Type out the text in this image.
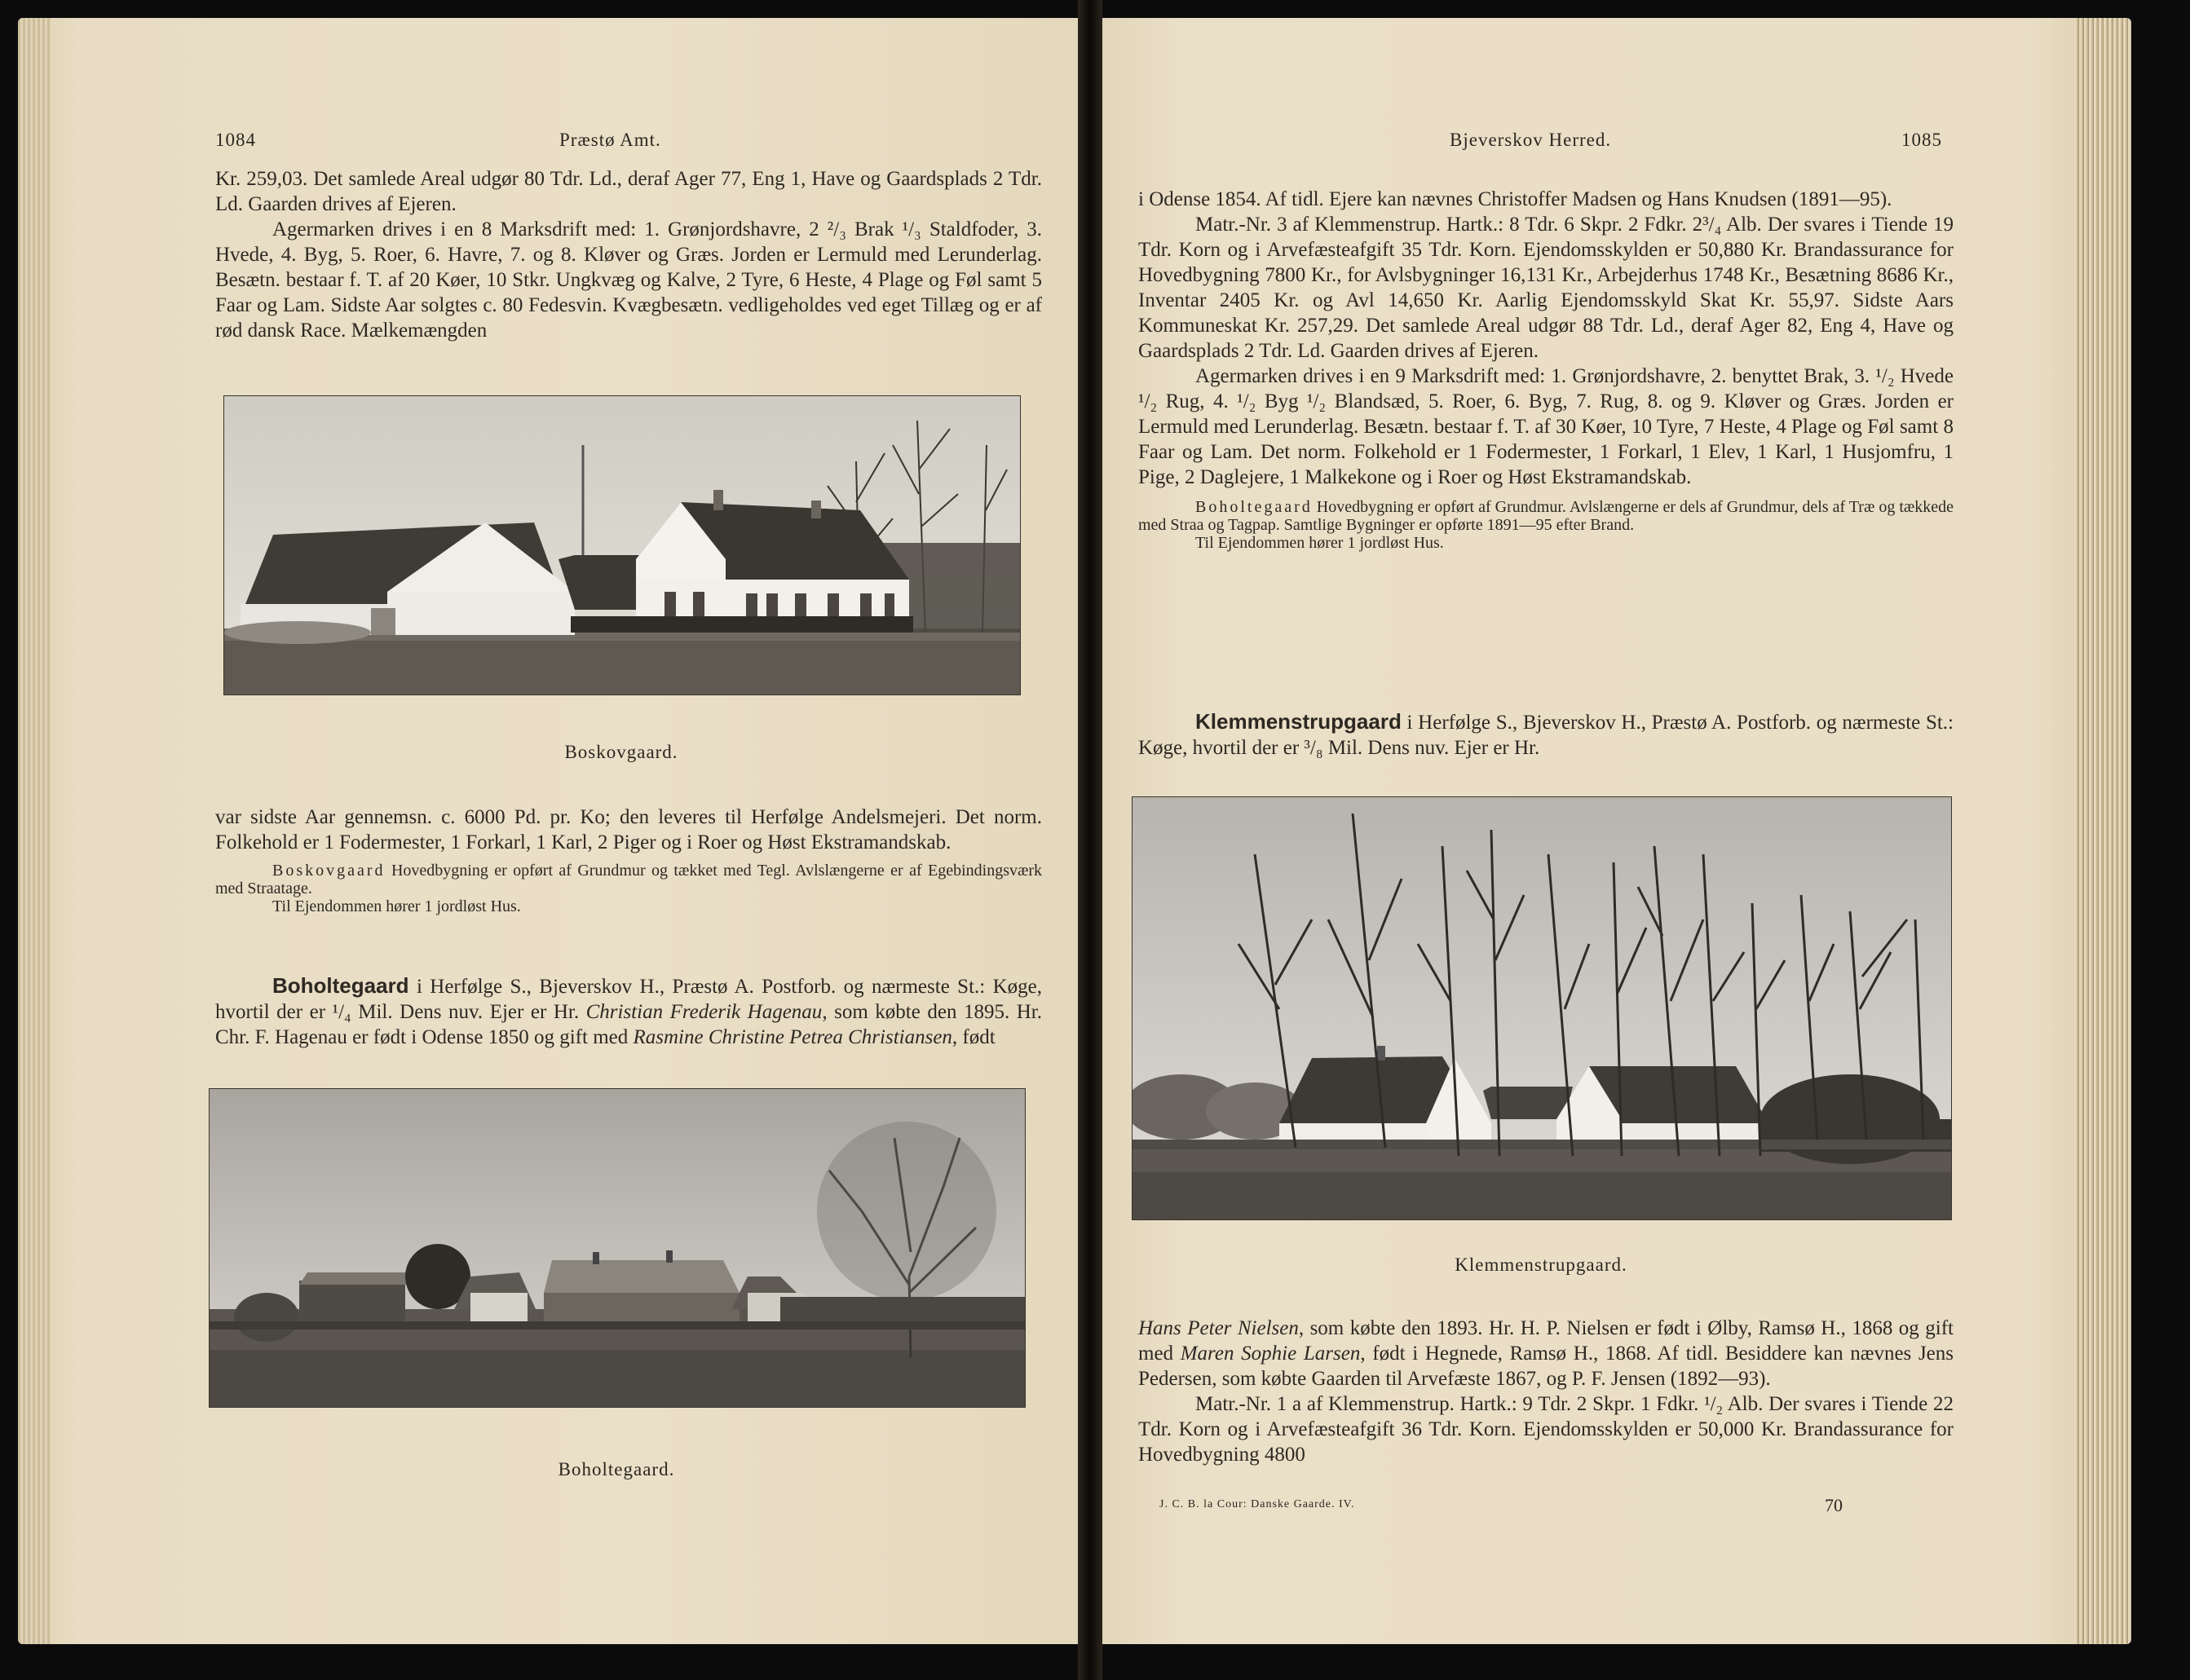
1084	Præstø Amt.

Kr. 259,03. Det samlede Areal udgør 80 Tdr. Ld., deraf Ager 77, Eng 1, Have og Gaardsplads 2 Tdr. Ld. Gaarden drives af Ejeren.

Agermarken drives i en 8 Marksdrift med: 1. Grønjordshavre, 2 ²/₃ Brak ¹/₃ Staldfoder, 3. Hvede, 4. Byg, 5. Roer, 6. Havre, 7. og 8. Kløver og Græs. Jorden er Lermuld med Lerunderlag. Besætn. bestaar f. T. af 20 Køer, 10 Stkr. Ungkvæg og Kalve, 2 Tyre, 6 Heste, 4 Plage og Føl samt 5 Faar og Lam. Sidste Aar solgtes c. 80 Fedesvin. Kvægbesætn. vedligeholdes ved eget Tillæg og er af rød dansk Race. Mælkemængden

Boskovgaard.

var sidste Aar gennemsn. c. 6000 Pd. pr. Ko; den leveres til Herfølge Andelsmejeri. Det norm. Folkehold er 1 Fodermester, 1 Forkarl, 1 Karl, 2 Piger og i Roer og Høst Ekstramandskab.

Boskovgaard Hovedbygning er opført af Grundmur og tækket med Tegl. Avlslængerne er af Egebindingsværk med Straatage.

Til Ejendommen hører 1 jordløst Hus.

Boholtegaard i Herfølge S., Bjeverskov H., Præstø A. Postforb. og nærmeste St.: Køge, hvortil der er ¹/₄ Mil. Dens nuv. Ejer er Hr. Christian Frederik Hagenau, som købte den 1895. Hr. Chr. F. Hagenau er født i Odense 1850 og gift med Rasmine Christine Petrea Christiansen, født

Boholtegaard.
Bjeverskov Herred.	1085

i Odense 1854. Af tidl. Ejere kan nævnes Christoffer Madsen og Hans Knudsen (1891—95).

Matr.-Nr. 3 af Klemmenstrup. Hartk.: 8 Tdr. 6 Skpr. 2 Fdkr. 2³/₄ Alb. Der svares i Tiende 19 Tdr. Korn og i Arvefæsteafgift 35 Tdr. Korn. Ejendomsskylden er 50,880 Kr. Brandassurance for Hovedbygning 7800 Kr., for Avlsbygninger 16,131 Kr., Arbejderhus 1748 Kr., Besætning 8686 Kr., Inventar 2405 Kr. og Avl 14,650 Kr. Aarlig Ejendomsskyld Skat Kr. 55,97. Sidste Aars Kommuneskat Kr. 257,29. Det samlede Areal udgør 88 Tdr. Ld., deraf Ager 82, Eng 4, Have og Gaardsplads 2 Tdr. Ld. Gaarden drives af Ejeren.

Agermarken drives i en 9 Marksdrift med: 1. Grønjordshavre, 2. benyttet Brak, 3. ¹/₂ Hvede ¹/₂ Rug, 4. ¹/₂ Byg ¹/₂ Blandsæd, 5. Roer, 6. Byg, 7. Rug, 8. og 9. Kløver og Græs. Jorden er Lermuld med Lerunderlag. Besætn. bestaar f. T. af 30 Køer, 10 Tyre, 7 Heste, 4 Plage og Føl samt 8 Faar og Lam. Det norm. Folkehold er 1 Fodermester, 1 Forkarl, 1 Elev, 1 Karl, 1 Husjomfru, 1 Pige, 2 Daglejere, 1 Malkekone og i Roer og Høst Ekstramandskab.

Boholtegaard Hovedbygning er opført af Grundmur. Avlslængerne er dels af Grundmur, dels af Træ og tækkede med Straa og Tagpap. Samtlige Bygninger er opførte 1891—95 efter Brand.

Til Ejendommen hører 1 jordløst Hus.

Klemmenstrupgaard i Herfølge S., Bjeverskov H., Præstø A. Postforb. og nærmeste St.: Køge, hvortil der er ³/₈ Mil. Dens nuv. Ejer er Hr.

Klemmenstrupgaard.

Hans Peter Nielsen, som købte den 1893. Hr. H. P. Nielsen er født i Ølby, Ramsø H., 1868 og gift med Maren Sophie Larsen, født i Hegnede, Ramsø H., 1868. Af tidl. Besiddere kan nævnes Jens Pedersen, som købte Gaarden til Arvefæste 1867, og P. F. Jensen (1892—93).

Matr.-Nr. 1 a af Klemmenstrup. Hartk.: 9 Tdr. 2 Skpr. 1 Fdkr. ¹/₂ Alb. Der svares i Tiende 22 Tdr. Korn og i Arvefæsteafgift 36 Tdr. Korn. Ejendomsskylden er 50,000 Kr. Brandassurance for Hovedbygning 4800

J. C. B. la Cour: Danske Gaarde. IV.	70
